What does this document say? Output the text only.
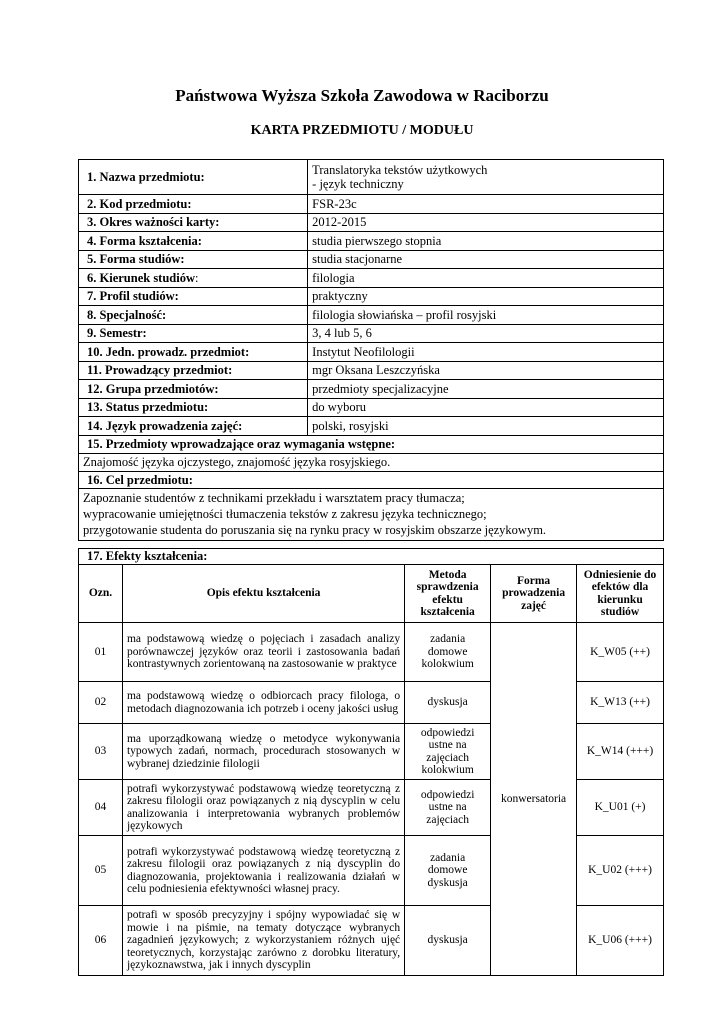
Państwowa Wyższa Szkoła Zawodowa w Raciborzu
KARTA PRZEDMIOTU / MODUŁU
1. Nazwa przedmiotu:	Translatoryka tekstów użytkowych
- język techniczny

2. Kod przedmiotu:	FSR-23c
3. Okres ważności karty:	2012-2015
4. Forma kształcenia:	studia pierwszego stopnia
5. Forma studiów:	studia stacjonarne
6. Kierunek studiów:	filologia
7. Profil studiów:	praktyczny
8. Specjalność:	filologia słowiańska – profil rosyjski
9. Semestr:	3, 4 lub 5, 6
10. Jedn. prowadz. przedmiot:	Instytut Neofilologii
11. Prowadzący przedmiot:	mgr Oksana Leszczyńska
12. Grupa przedmiotów:	przedmioty specjalizacyjne
13. Status przedmiotu:	do wyboru
14. Język prowadzenia zajęć:	polski, rosyjski
15. Przedmioty wprowadzające oraz wymagania wstępne:	
Znajomość języka ojczystego, znajomość języka rosyjskiego.	
16. Cel przedmiotu:	

Zapoznanie studentów z technikami przekładu i warsztatem pracy tłumacza;
wypracowanie umiejętności tłumaczenia tekstów z zakresu języka technicznego;
przygotowanie studenta do poruszania się na rynku pracy w rosyjskim obszarze językowym.	
17. Efekty kształcenia:				
Ozn.	Opis efektu kształcenia	Metoda sprawdzenia efektu kształcenia	Forma prowadzenia zajęć	Odniesienie do efektów dla kierunku studiów
01	ma podstawową wiedzę o pojęciach i zasadach analizy porównawczej języków oraz teorii i zastosowania badań kontrastywnych zorientowaną na zastosowanie w praktyce	zadania domowe kolokwium	konwersatoria	K_W05 (++)
02	ma podstawową wiedzę o odbiorcach pracy filologa, o metodach diagnozowania ich potrzeb i oceny jakości usług	dyskusja		K_W13 (++)
03	ma uporządkowaną wiedzę o metodyce wykonywania typowych zadań, normach, procedurach stosowanych w wybranej dziedzinie filologii	odpowiedzi ustne na zajęciach kolokwium		K_W14 (+++)
04	potrafi wykorzystywać podstawową wiedzę teoretyczną z zakresu filologii oraz powiązanych z nią dyscyplin w celu analizowania i interpretowania wybranych problemów językowych	odpowiedzi ustne na zajęciach		K_U01 (+)
05	potrafi wykorzystywać podstawową wiedzę teoretyczną z zakresu filologii oraz powiązanych z nią dyscyplin do diagnozowania, projektowania i realizowania działań w celu podniesienia efektywności własnej pracy.	zadania domowe dyskusja		K_U02 (+++)
06	potrafi w sposób precyzyjny i spójny wypowiadać się w mowie i na piśmie, na tematy dotyczące wybranych zagadnień językowych; z wykorzystaniem różnych ujęć teoretycznych, korzystając zarówno z dorobku literatury, językoznawstwa, jak i innych dyscyplin	dyskusja		K_U06 (+++)
